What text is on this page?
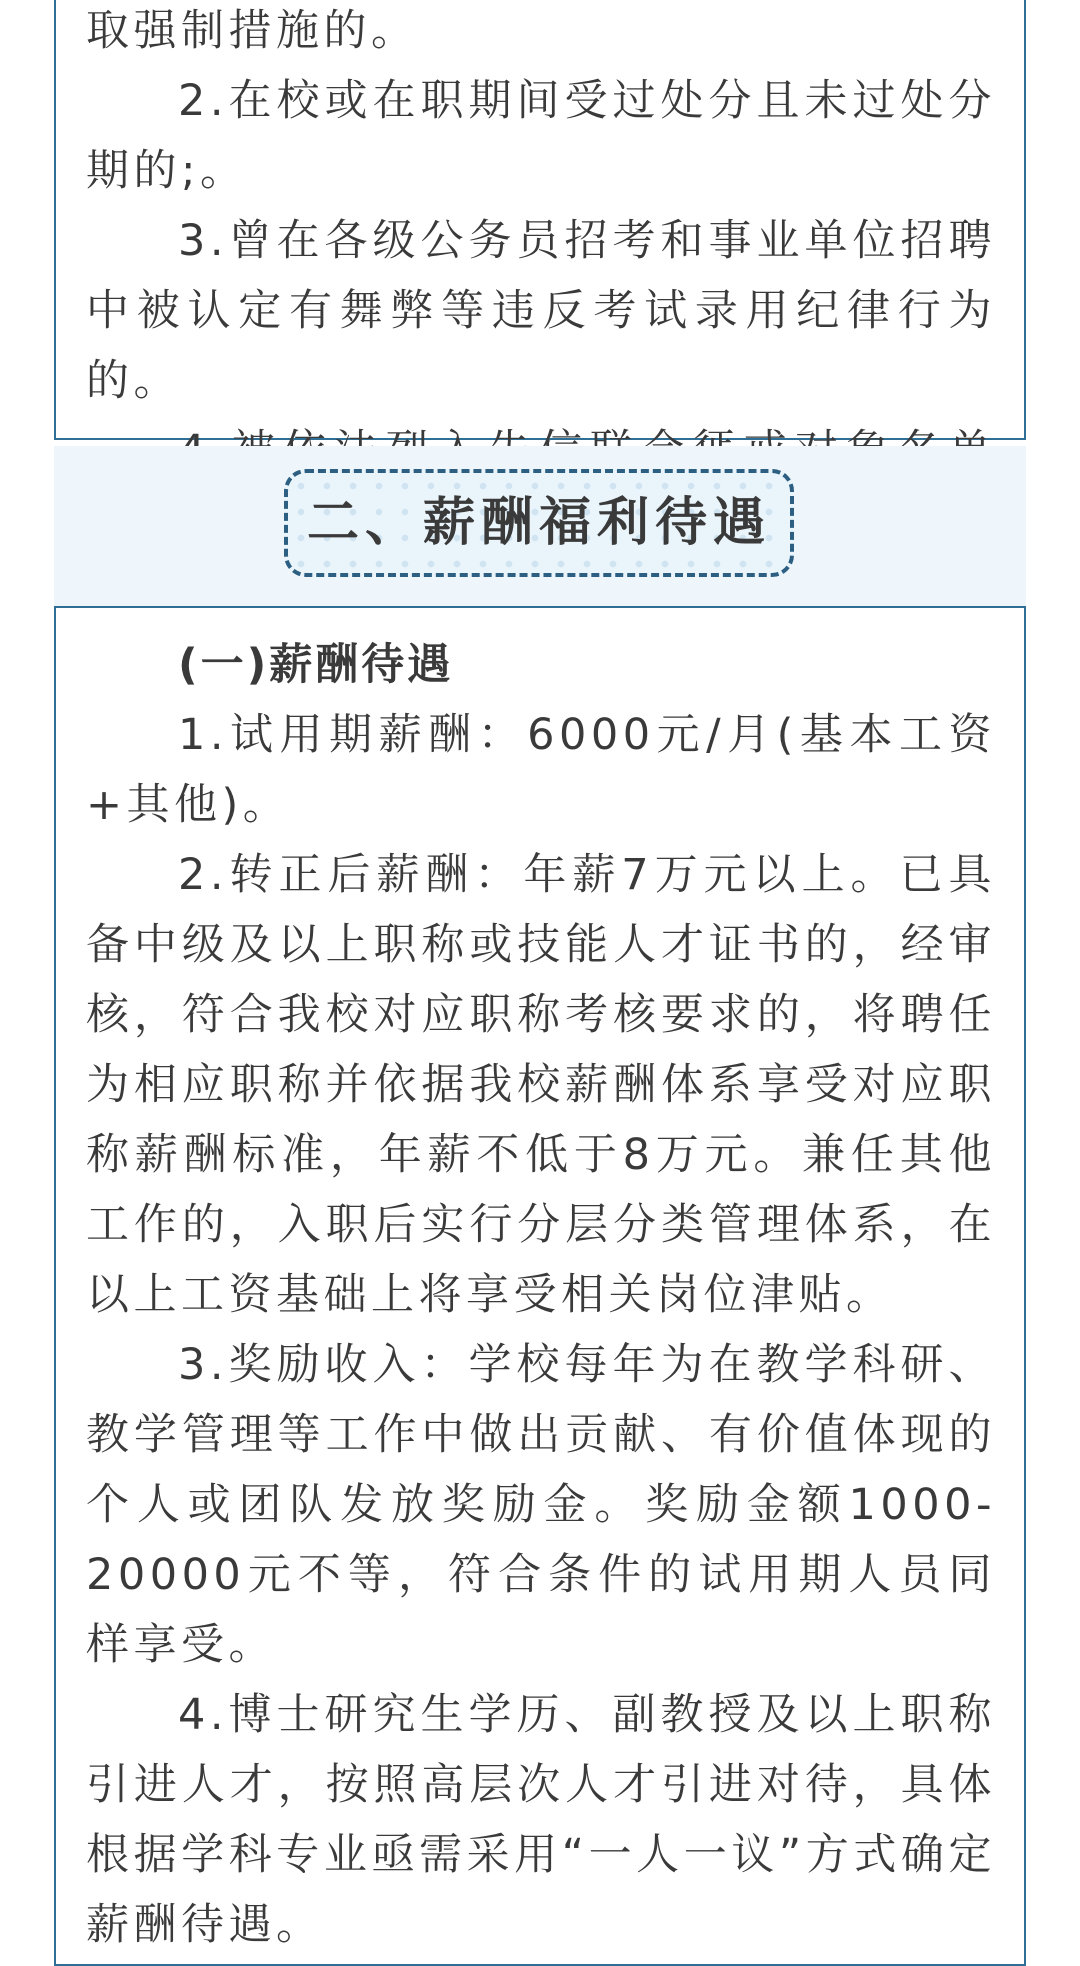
取强制措施的。

2.在校或在职期间受过处分且未过处分期的;。

3.曾在各级公务员招考和事业单位招聘中被认定有舞弊等违反考试录用纪律行为的。

二、薪酬福利待遇

(一)薪酬待遇

1.试用期薪酬：6000元/月(基本工资+其他)。

2.转正后薪酬：年薪7万元以上。已具备中级及以上职称或技能人才证书的，经审核，符合我校对应职称考核要求的，将聘任为相应职称并依据我校薪酬体系享受对应职称薪酬标准，年薪不低于8万元。兼任其他工作的，入职后实行分层分类管理体系，在以上工资基础上将享受相关岗位津贴。

3.奖励收入：学校每年为在教学科研、教学管理等工作中做出贡献、有价值体现的个人或团队发放奖励金。奖励金额1000-20000元不等，符合条件的试用期人员同样享受。

4.博士研究生学历、副教授及以上职称引进人才，按照高层次人才引进对待，具体根据学科专业亟需采用“一人一议”方式确定薪酬待遇。
